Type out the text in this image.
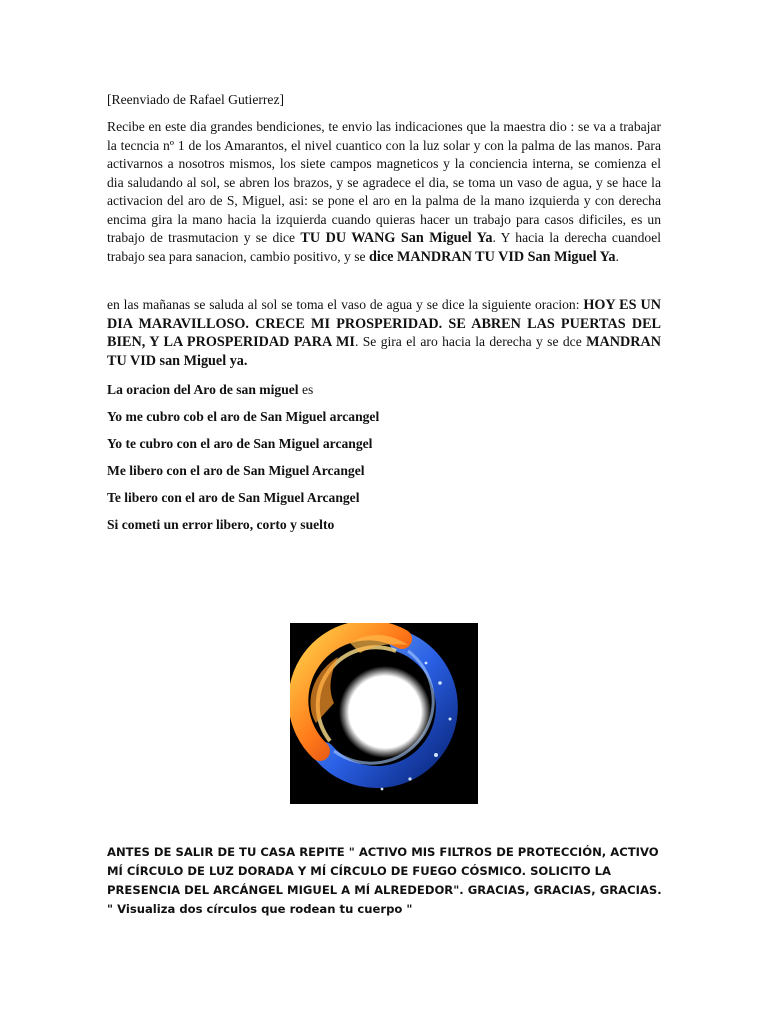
[Reenviado de Rafael Gutierrez]

Recibe en este dia grandes bendiciones, te envio las indicaciones que la maestra dio : se va a trabajar la tecncia nº 1 de los Amarantos, el nivel cuantico con la luz solar y con la palma de las manos. Para activarnos a nosotros mismos, los siete campos magneticos y la conciencia interna, se comienza el dia saludando al sol, se abren los brazos, y se agradece el dia, se toma un vaso de agua, y se hace la activacion del aro de S, Miguel, asi: se pone el aro en la palma de la mano izquierda y con derecha encima gira la mano hacia la izquierda cuando quieras hacer un trabajo para casos dificiles, es un trabajo de trasmutacion y se dice TU DU WANG San Miguel Ya. Y hacia la derecha cuandoel trabajo sea para sanacion, cambio positivo, y se dice MANDRAN TU VID San Miguel Ya.

en las mañanas se saluda al sol se toma el vaso de agua y se dice la siguiente oracion: HOY ES UN DIA MARAVILLOSO. CRECE MI PROSPERIDAD. SE ABREN LAS PUERTAS DEL BIEN, Y LA PROSPERIDAD PARA MI. Se gira el aro hacia la derecha y se dce MANDRAN TU VID san Miguel ya.

La oracion del Aro de san miguel es

Yo me cubro cob el aro de San Miguel arcangel

Yo te cubro con el aro de San Miguel arcangel

Me libero con el aro de San Miguel Arcangel

Te libero con el aro de San Miguel Arcangel

Si cometi un error libero, corto y suelto

ANTES DE SALIR DE TU CASA REPITE " ACTIVO MIS FILTROS DE PROTECCIÓN, ACTIVO MÍ CÍRCULO DE LUZ DORADA Y MÍ CÍRCULO DE FUEGO CÓSMICO. SOLICITO LA PRESENCIA DEL ARCÁNGEL MIGUEL A MÍ ALREDEDOR". GRACIAS, GRACIAS, GRACIAS. " Visualiza dos círculos que rodean tu cuerpo "
